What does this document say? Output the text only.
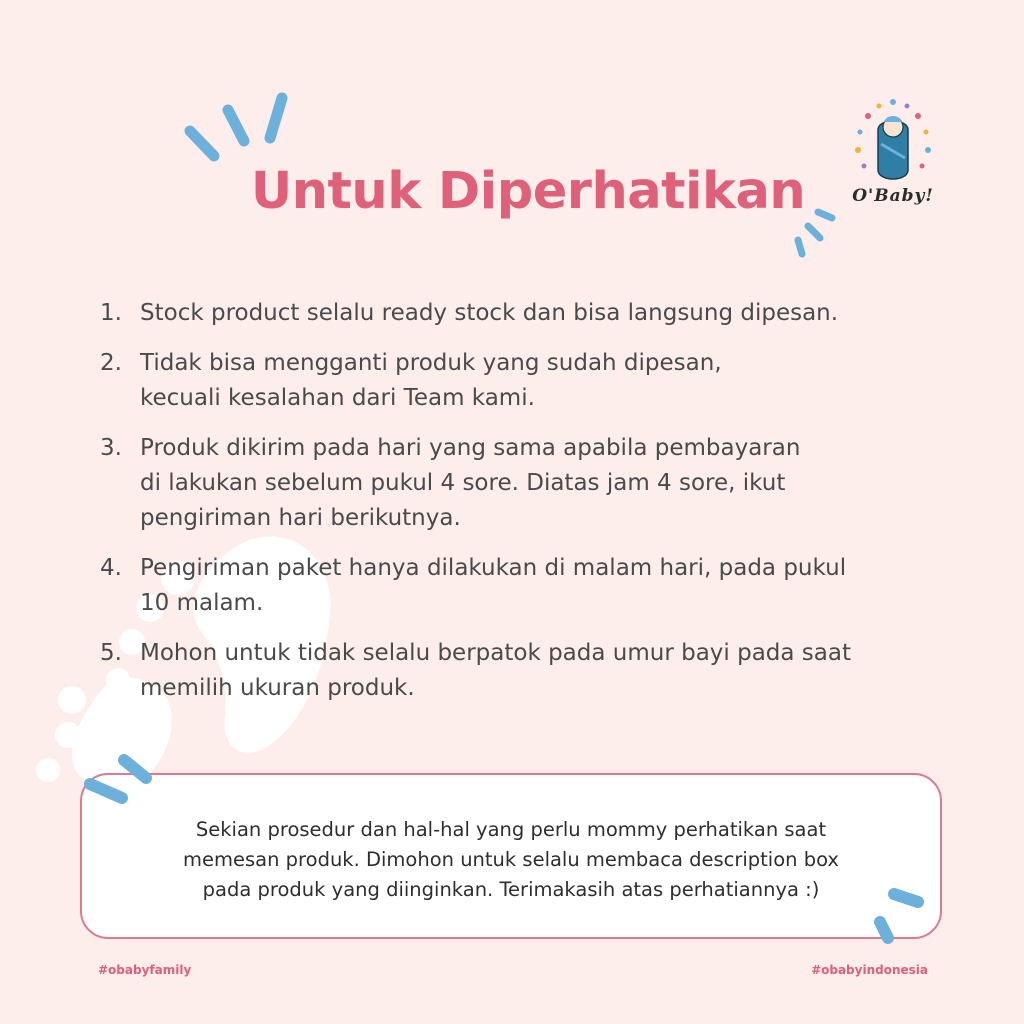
Untuk Diperhatikan	O'Baby!
1. Stock product selalu ready stock dan bisa langsung dipesan.
2. Tidak bisa mengganti produk yang sudah dipesan,
kecuali kesalahan dari Team kami.
3. Produk dikirim pada hari yang sama apabila pembayaran
di lakukan sebelum pukul 4 sore. Diatas jam 4 sore, ikut
pengiriman hari berikutnya.
4. Pengiriman paket hanya dilakukan di malam hari, pada pukul
10 malam.
5. Mohon untuk tidak selalu berpatok pada umur bayi pada saat
memilih ukuran produk.
Sekian prosedur dan hal-hal yang perlu mommy perhatikan saat
memesan produk. Dimohon untuk selalu membaca description box
pada produk yang diinginkan. Terimakasih atas perhatiannya :)
#obabyfamily	#obabyindonesia
